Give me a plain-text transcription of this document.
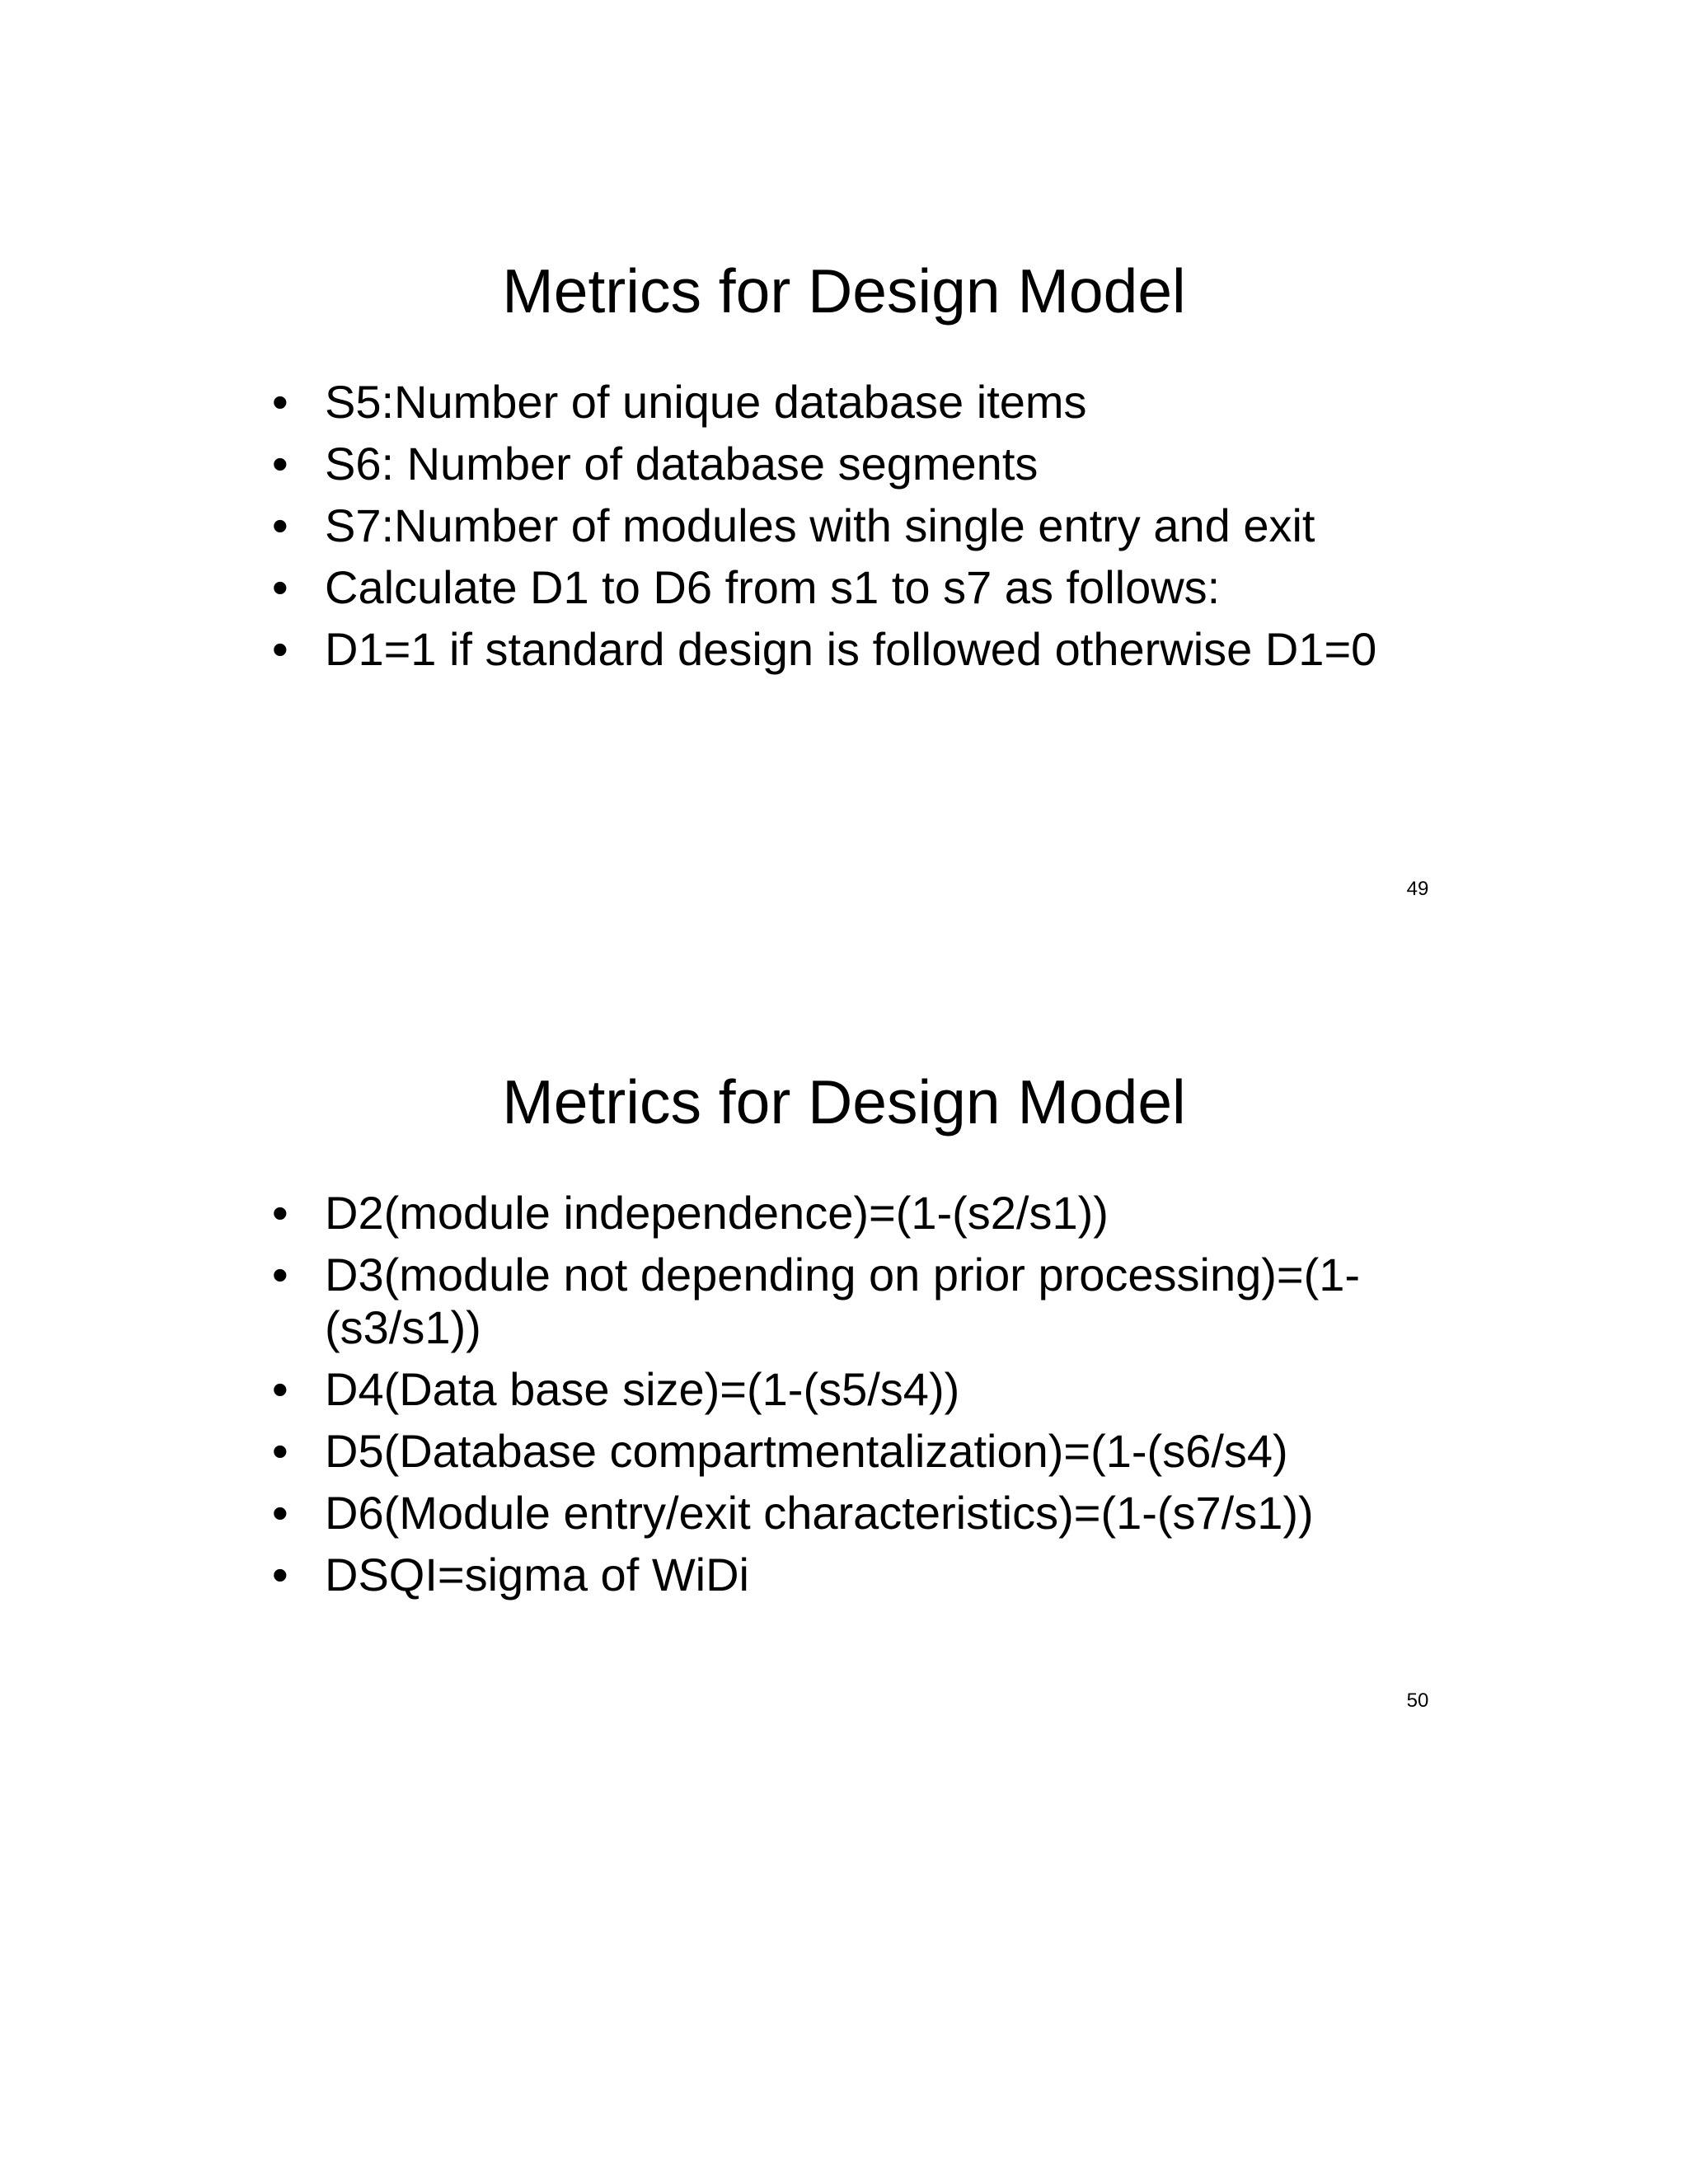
Metrics for Design Model
• S5:Number of unique database items
• S6: Number of database segments
• S7:Number of modules with single entry and exit
• Calculate D1 to D6 from s1 to s7 as follows:
• D1=1 if standard design is followed otherwise D1=0
49
Metrics for Design Model
• D2(module independence)=(1-(s2/s1))
• D3(module not depending on prior processing)=(1-(s3/s1))
• D4(Data base size)=(1-(s5/s4))
• D5(Database compartmentalization)=(1-(s6/s4)
• D6(Module entry/exit characteristics)=(1-(s7/s1))
• DSQI=sigma of WiDi
50
